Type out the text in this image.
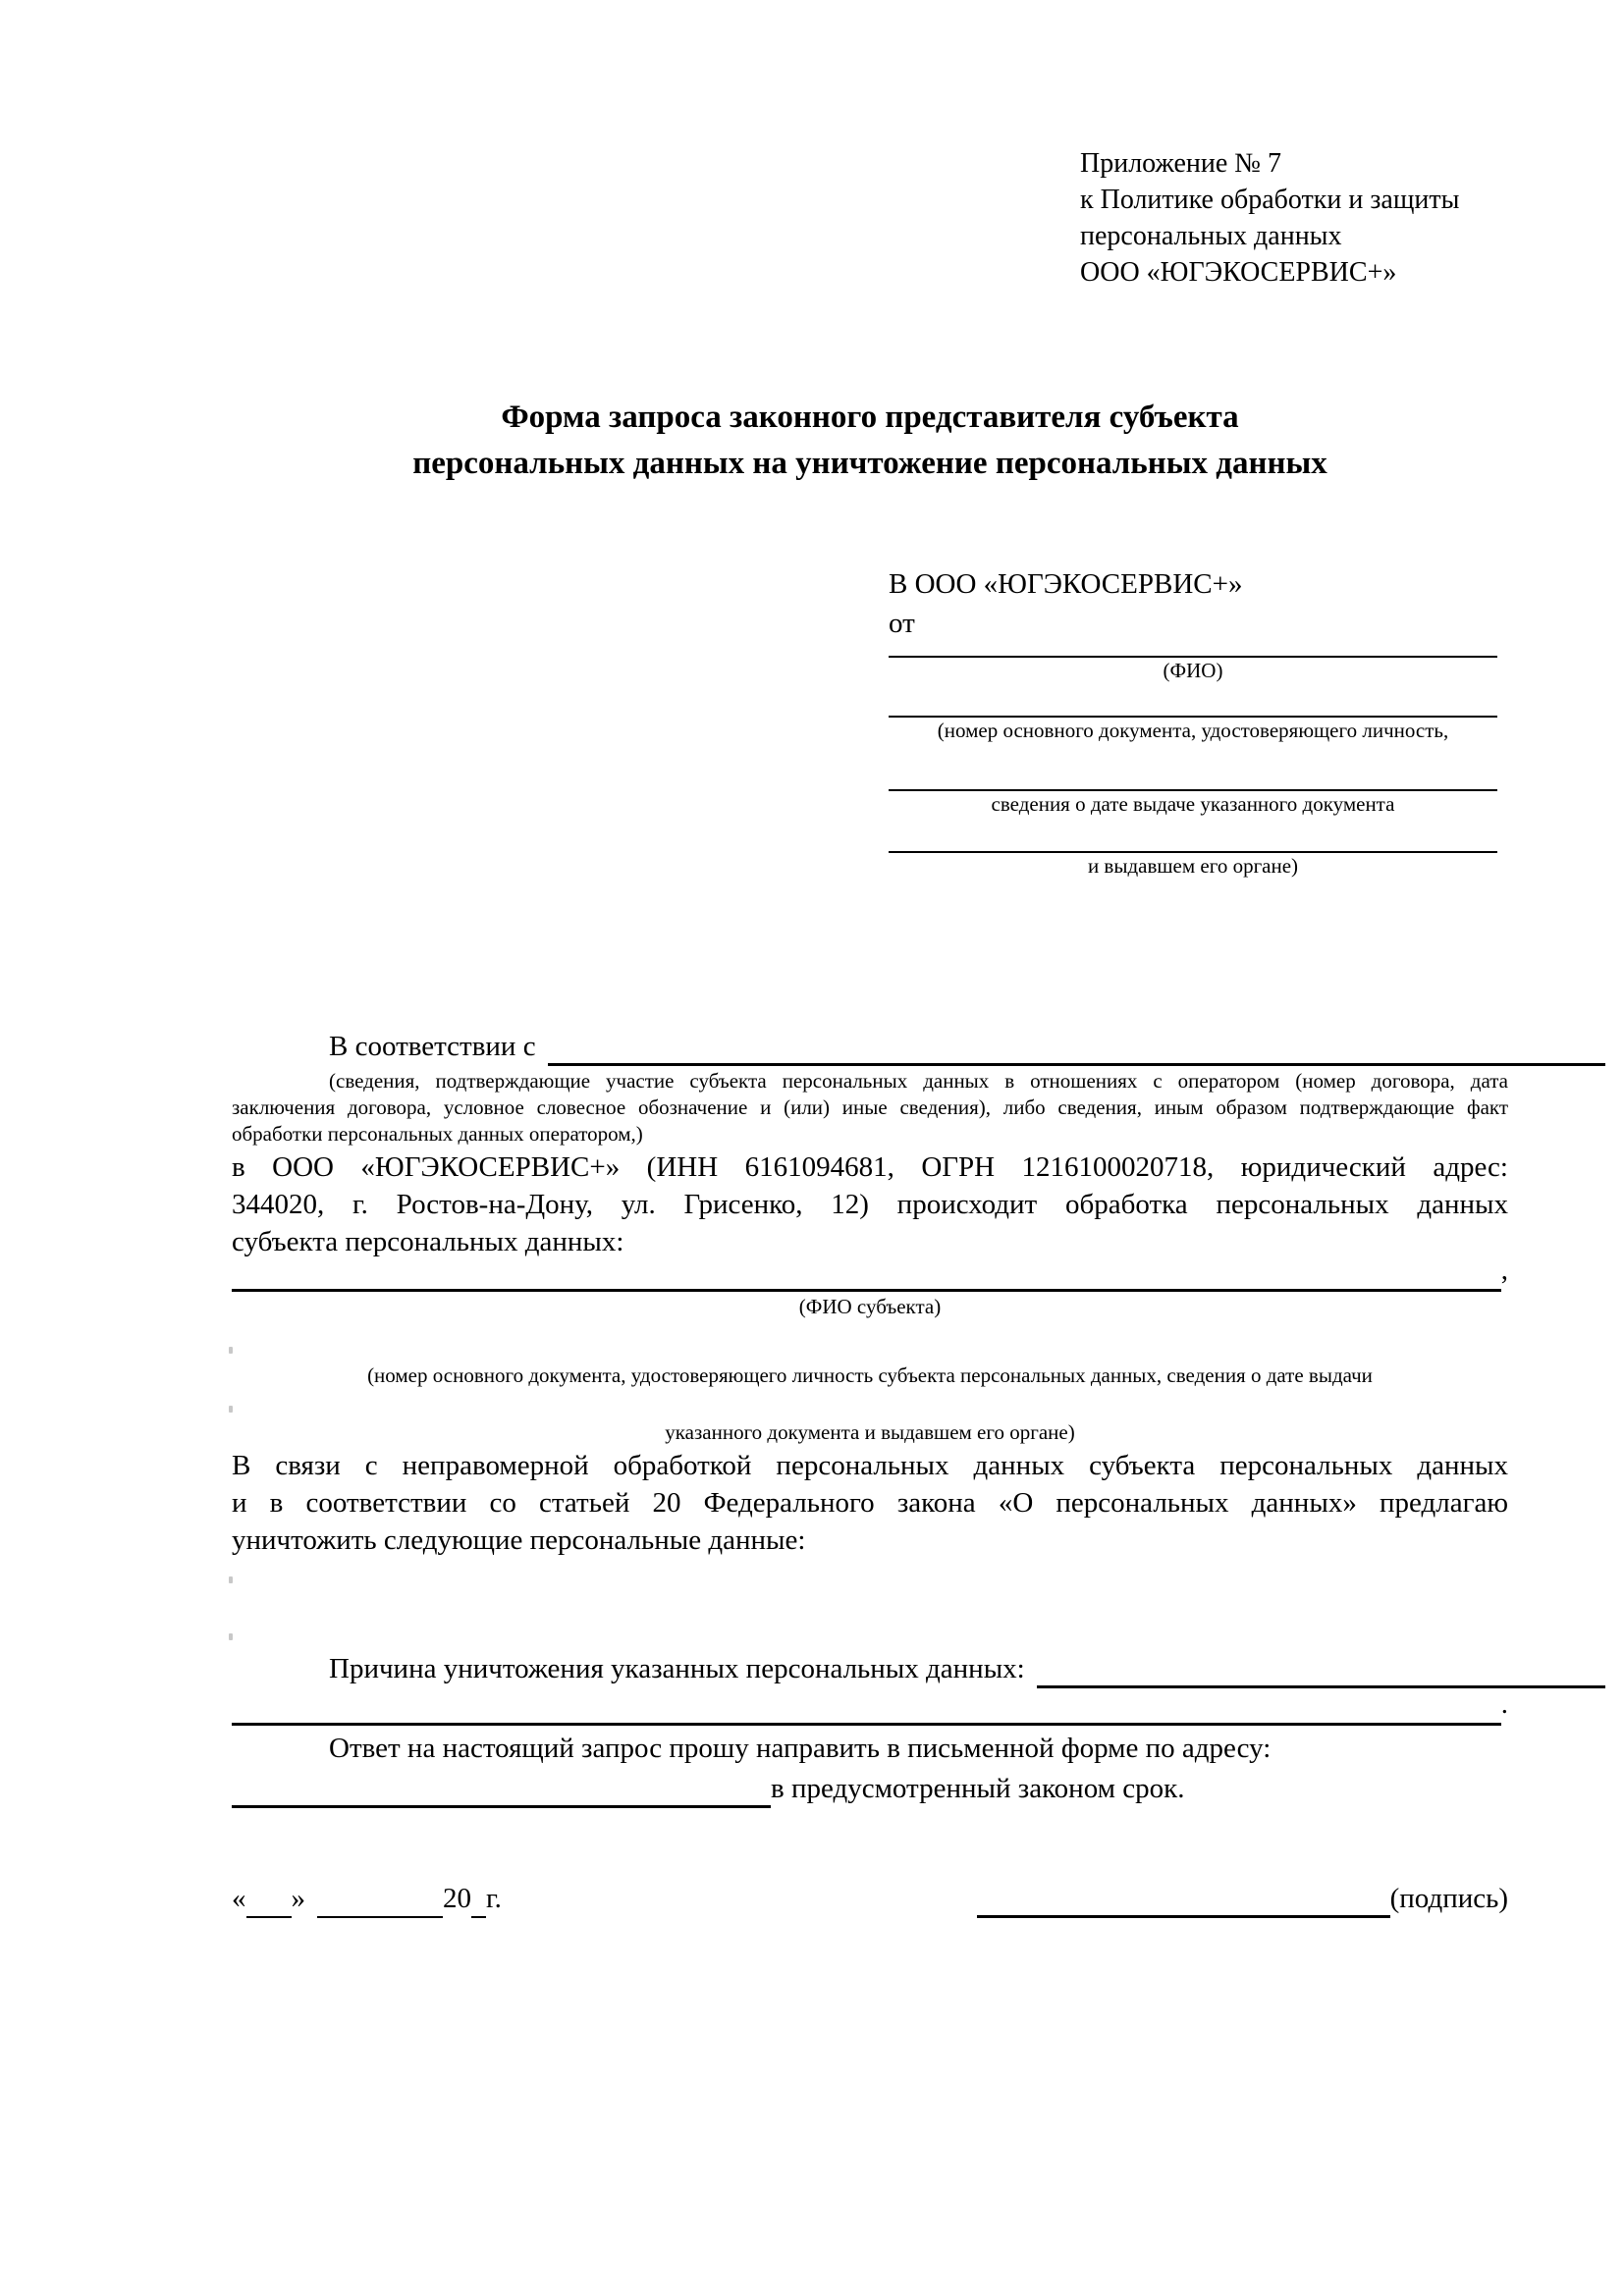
Приложение № 7
к Политике обработки и защиты
персональных данных
ООО «ЮГЭКОСЕРВИС+»
Форма запроса законного представителя субъекта
персональных данных на уничтожение персональных данных
В ООО «ЮГЭКОСЕРВИС+»
от
(ФИО)
(номер основного документа, удостоверяющего личность,
сведения о дате выдаче указанного документа
и выдавшем его органе)
В соответствии с
(сведения, подтверждающие участие субъекта персональных данных в отношениях с оператором (номер договора, дата
заключения договора, условное словесное обозначение и (или) иные сведения), либо сведения, иным образом подтверждающие факт
обработки персональных данных оператором,)
в ООО «ЮГЭКОСЕРВИС+» (ИНН 6161094681, ОГРН 1216100020718, юридический адрес:
344020, г. Ростов-на-Дону, ул. Грисенко, 12) происходит обработка персональных данных
субъекта персональных данных:
,
(ФИО субъекта)
(номер основного документа, удостоверяющего личность субъекта персональных данных, сведения о дате выдачи
указанного документа и выдавшем его органе)
В связи с неправомерной обработкой персональных данных субъекта персональных данных
и в соответствии со статьей 20 Федерального закона «О персональных данных» предлагаю
уничтожить следующие персональные данные:
Причина уничтожения указанных персональных данных:
.
Ответ на настоящий запрос прошу направить в письменной форме по адресу:
в предусмотренный законом срок.
« »	20 г.	(подпись)
